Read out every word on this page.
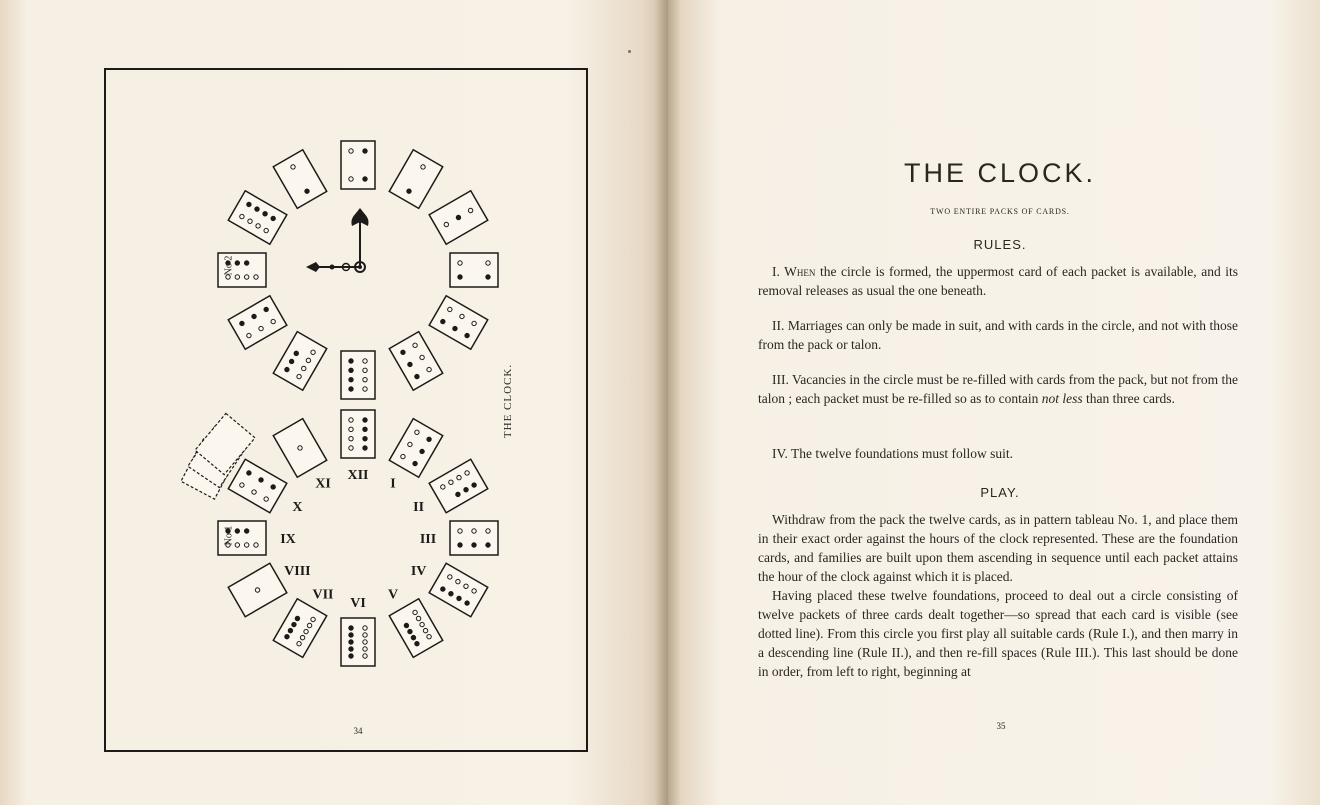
XII
I
II
III
IV
V
VI
VII
VIII
IX
X
XI
No 2
No 1
THE CLOCK.
34
THE CLOCK.
TWO ENTIRE PACKS OF CARDS.
RULES.
I. When the circle is formed, the uppermost card of each packet is available, and its removal releases as usual the one beneath.
II. Marriages can only be made in suit, and with cards in the circle, and not with those from the pack or talon.
III. Vacancies in the circle must be re-filled with cards from the pack, but not from the talon ; each packet must be re-filled so as to contain not less than three cards.
IV. The twelve foundations must follow suit.
PLAY.

Withdraw from the pack the twelve cards, as in pattern tableau No. 1, and place them in their exact order against the hours of the clock represented. These are the foundation cards, and families are built upon them ascending in sequence until each packet attains the hour of the clock against which it is placed.

Having placed these twelve foundations, proceed to deal out a circle consisting of twelve packets of three cards dealt together—so spread that each card is visible (see dotted line). From this circle you first play all suitable cards (Rule I.), and then marry in a descending line (Rule II.), and then re-fill spaces (Rule III.). This last should be done in order, from left to right, beginning at

35
